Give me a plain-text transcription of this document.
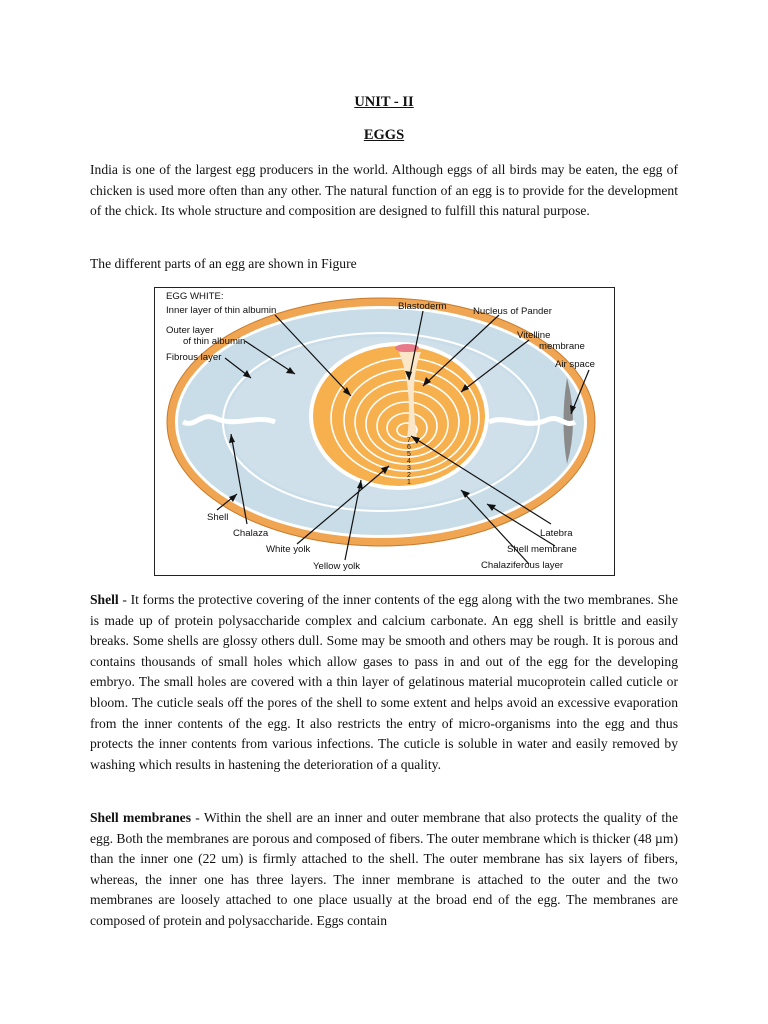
UNIT - II
EGGS

India is one of the largest egg producers in the world. Although eggs of all birds may be eaten, the egg of chicken is used more often than any other. The natural function of an egg is to provide for the development of the chick. Its whole structure and composition are designed to fulfill this natural purpose.

The different parts of an egg are shown in Figure

7
6
5
4
3
2
1
EGG WHITE:
Inner layer of thin albumin
Outer layer
of thin albumin
Fibrous layer
Blastoderm	Nucleus of Pander
Vitelline
membrane
Air space
Shell
Chalaza
White yolk
Yellow yolk
Latebra
Shell membrane
Chalaziferous layer

Shell - It forms the protective covering of the inner contents of the egg along with the two membranes. She is made up of protein polysaccharide complex and calcium carbonate. An egg shell is brittle and easily breaks. Some shells are glossy others dull. Some may be smooth and others may be rough. It is porous and contains thousands of small holes which allow gases to pass in and out of the egg for the developing embryo. The small holes are covered with a thin layer of gelatinous material mucoprotein called cuticle or bloom. The cuticle seals off the pores of the shell to some extent and helps avoid an excessive evaporation from the inner contents of the egg. It also restricts the entry of micro-organisms into the egg and thus protects the inner contents from various infections. The cuticle is soluble in water and easily removed by washing which results in hastening the deterioration of a quality.

Shell membranes - Within the shell are an inner and outer membrane that also protects the quality of the egg. Both the membranes are porous and composed of fibers. The outer membrane which is thicker (48 µm) than the inner one (22 um) is firmly attached to the shell. The outer membrane has six layers of fibers, whereas, the inner one has three layers. The inner membrane is attached to the outer and the two membranes are loosely attached to one place usually at the broad end of the egg. The membranes are composed of protein and polysaccharide. Eggs contain
